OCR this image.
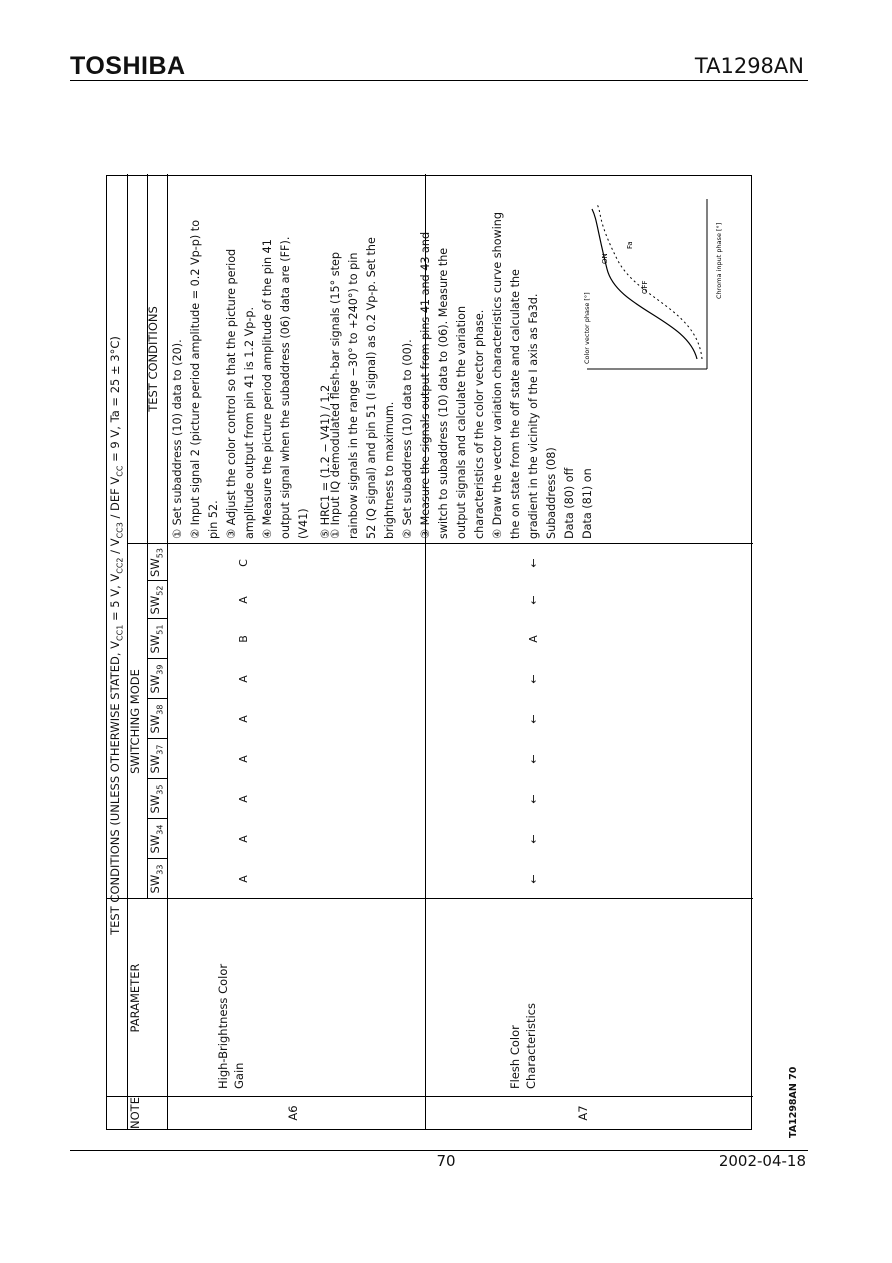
TOSHIBA	TA1298AN
TEST CONDITIONS (UNLESS OTHERWISE STATED, $V_{CC1} = 5$ V, $V_{CC2} / V_{CC3}$ / DEF $V_{CC} = 9$ V, Ta = 25 ± 3°C)
NOTE
PARAMETER
SWITCHING MODE
TEST CONDITIONS
$SW_{33}$
$SW_{34}$
$SW_{35}$
$SW_{37}$
$SW_{38}$
$SW_{39}$
$SW_{51}$
$SW_{52}$
$SW_{53}$
A6
High-Brightness Color Gain
A
A
A
A
A
A
B
A
C
① Set subaddress (10) data to (20). ② Input signal 2 (picture period amplitude = 0.2 Vp-p) to pin 52. ③ Adjust the color control so that the picture period amplitude output from pin 41 is 1.2 Vp-p. ④ Measure the picture period amplitude of the pin 41 output signal when the subaddress (06) data are (FF). (V41) ⑤ HRC1 = (1.2 − V41) / 1.2
A7
Flesh Color Characteristics
←
←
←
←
←
←
A
←
←
① Input IQ demodulated flesh-bar signals (15° step rainbow signals in the range −30° to +240°) to pin 52 (Q signal) and pin 51 (I signal) as 0.2 Vp-p. Set the brightness to maximum. ② Set subaddress (10) data to (00). ③ Measure the signals output from pins 41 and 43 and switch to subaddress (10) data to (06). Measure the output signals and calculate the variation characteristics of the color vector phase. ④ Draw the vector variation characteristics curve showing the on state from the off state and calculate the gradient in the vicinity of the I axis as Fa3d. Subaddress (08) Data (80) off Data (81) on
ON
OFF
Fa
Color vector phase [°]
Chroma input phase [°]
TA1298AN 70
70	2002-04-18
